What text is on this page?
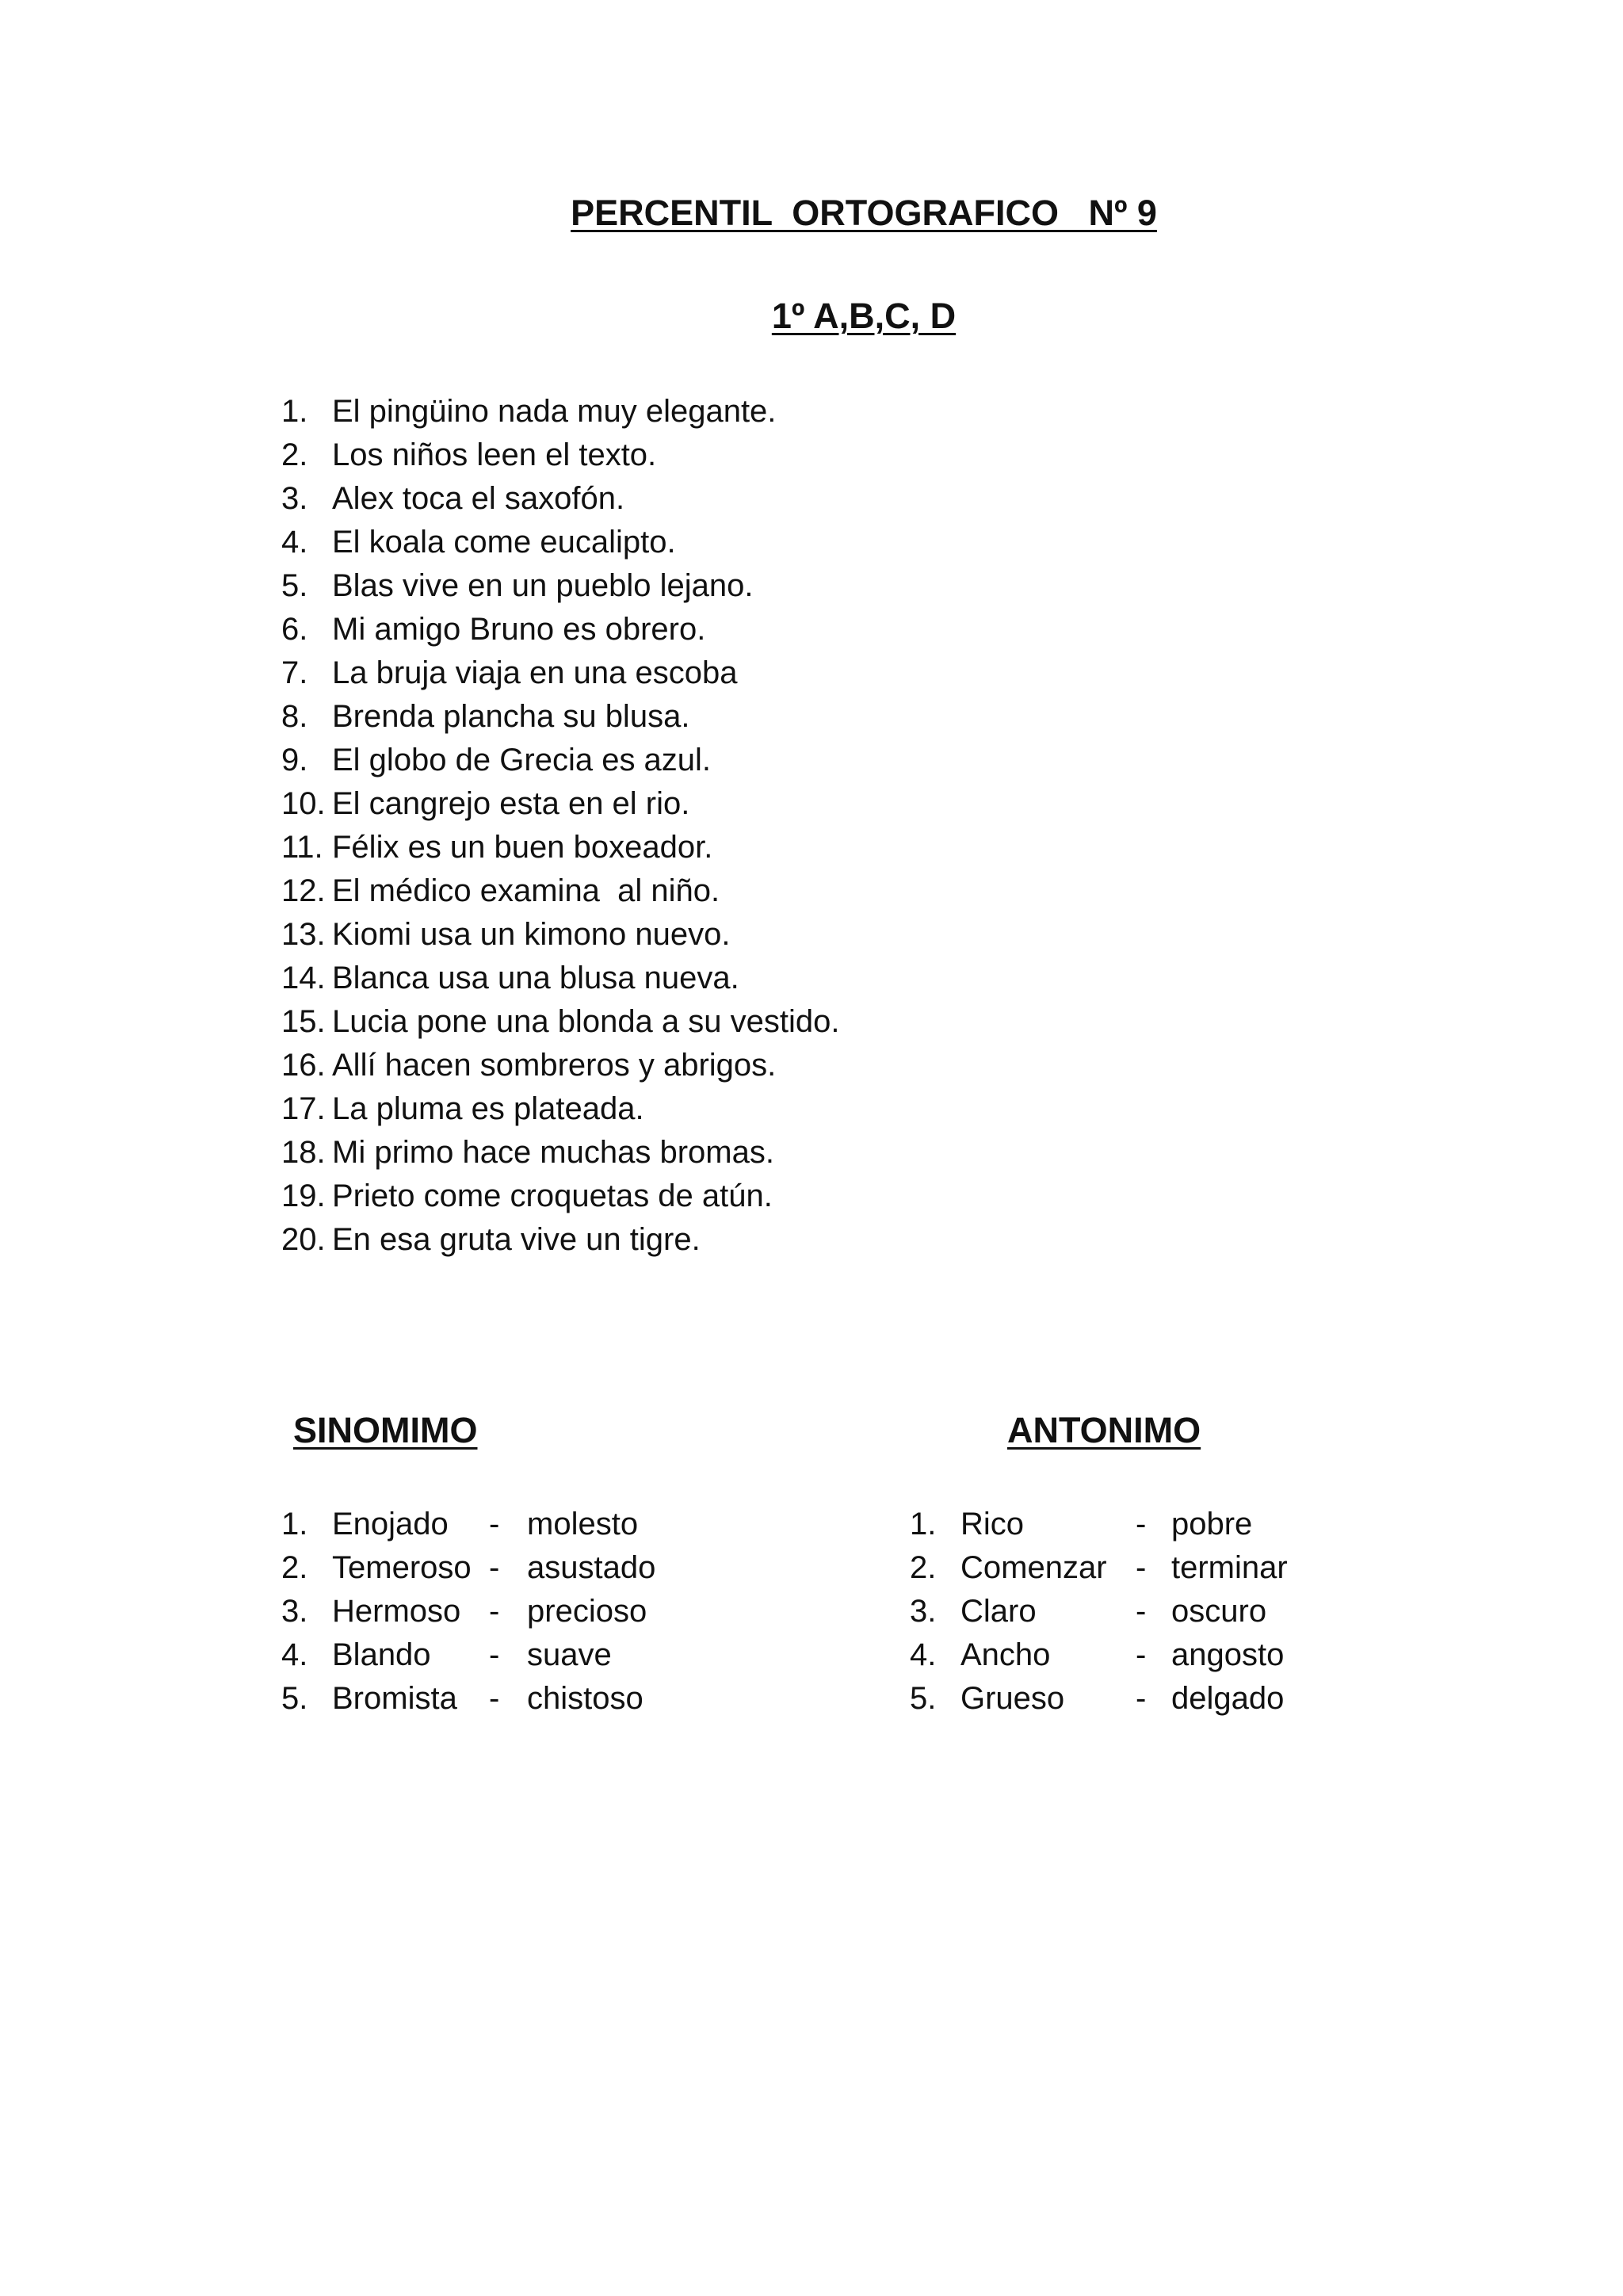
PERCENTIL  ORTOGRAFICO   Nº 9
1º A,B,C, D
1. El pingüino nada muy elegante.
2. Los niños leen el texto.
3. Alex toca el saxofón.
4. El koala come eucalipto.
5. Blas vive en un pueblo lejano.
6. Mi amigo Bruno es obrero.
7. La bruja viaja en una escoba
8. Brenda plancha su blusa.
9. El globo de Grecia es azul.
10. El cangrejo esta en el rio.
11. Félix es un buen boxeador.
12. El médico examina  al niño.
13. Kiomi usa un kimono nuevo.
14. Blanca usa una blusa nueva.
15. Lucia pone una blonda a su vestido.
16. Allí hacen sombreros y abrigos.
17. La pluma es plateada.
18. Mi primo hace muchas bromas.
19. Prieto come croquetas de atún.
20. En esa gruta vive un tigre.
SINOMIMO	ANTONIMO
1. Enojado - molesto
2. Temeroso - asustado
3. Hermoso - precioso
4. Blando - suave
5. Bromista - chistoso
1. Rico	- pobre
2. Comenzar - terminar
3. Claro	- oscuro
4. Ancho	- angosto
5. Grueso - delgado
